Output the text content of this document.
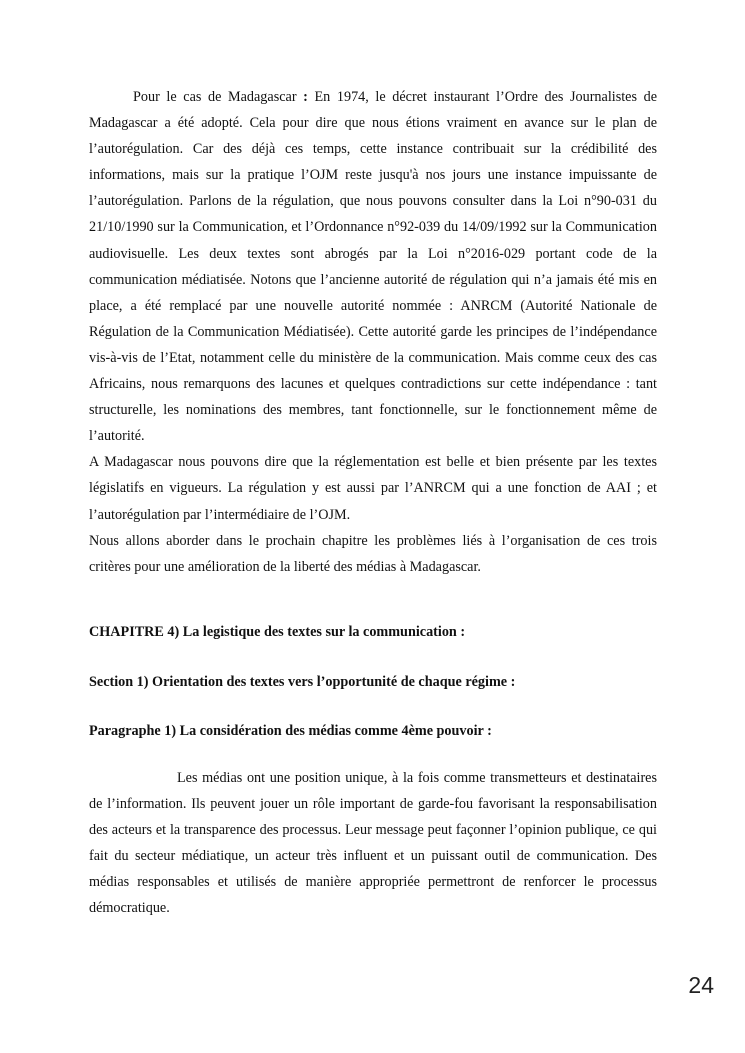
Pour le cas de Madagascar : En 1974, le décret instaurant l’Ordre des Journalistes de Madagascar a été adopté. Cela pour dire que nous étions vraiment en avance sur le plan de l’autorégulation. Car des déjà ces temps, cette instance contribuait sur la crédibilité des informations, mais sur la pratique l’OJM reste jusqu'à nos jours une instance impuissante de l’autorégulation. Parlons de la régulation, que nous pouvons consulter dans la Loi n°90-031 du 21/10/1990 sur la Communication, et l’Ordonnance n°92-039 du 14/09/1992 sur la Communication audiovisuelle. Les deux textes sont abrogés par la Loi n°2016-029 portant code de la communication médiatisée. Notons que l’ancienne autorité de régulation qui n’a jamais été mis en place, a été remplacé par une nouvelle autorité nommée : ANRCM (Autorité Nationale de Régulation de la Communication Médiatisée). Cette autorité garde les principes de l’indépendance vis-à-vis de l’Etat, notamment celle du ministère de la communication. Mais comme ceux des cas Africains, nous remarquons des lacunes et quelques contradictions sur cette indépendance : tant structurelle, les nominations des membres, tant fonctionnelle, sur le fonctionnement même de l’autorité.

A Madagascar nous pouvons dire que la réglementation est belle et bien présente par les textes législatifs en vigueurs. La régulation y est aussi par l’ANRCM qui a une fonction de AAI ; et l’autorégulation par l’intermédiaire de l’OJM.

Nous allons aborder dans le prochain chapitre les problèmes liés à l’organisation de ces trois critères pour une amélioration de la liberté des médias à Madagascar.

CHAPITRE 4) La legistique des textes sur la communication :
Section 1) Orientation des textes vers l’opportunité de chaque régime :
Paragraphe 1) La considération des médias comme 4ème pouvoir :

Les médias ont une position unique, à la fois comme transmetteurs et destinataires de l’information. Ils peuvent jouer un rôle important de garde-fou favorisant la responsabilisation des acteurs et la transparence des processus. Leur message peut façonner l’opinion publique, ce qui fait du secteur médiatique, un acteur très influent et un puissant outil de communication. Des médias responsables et utilisés de manière appropriée permettront de renforcer le processus démocratique.

24
